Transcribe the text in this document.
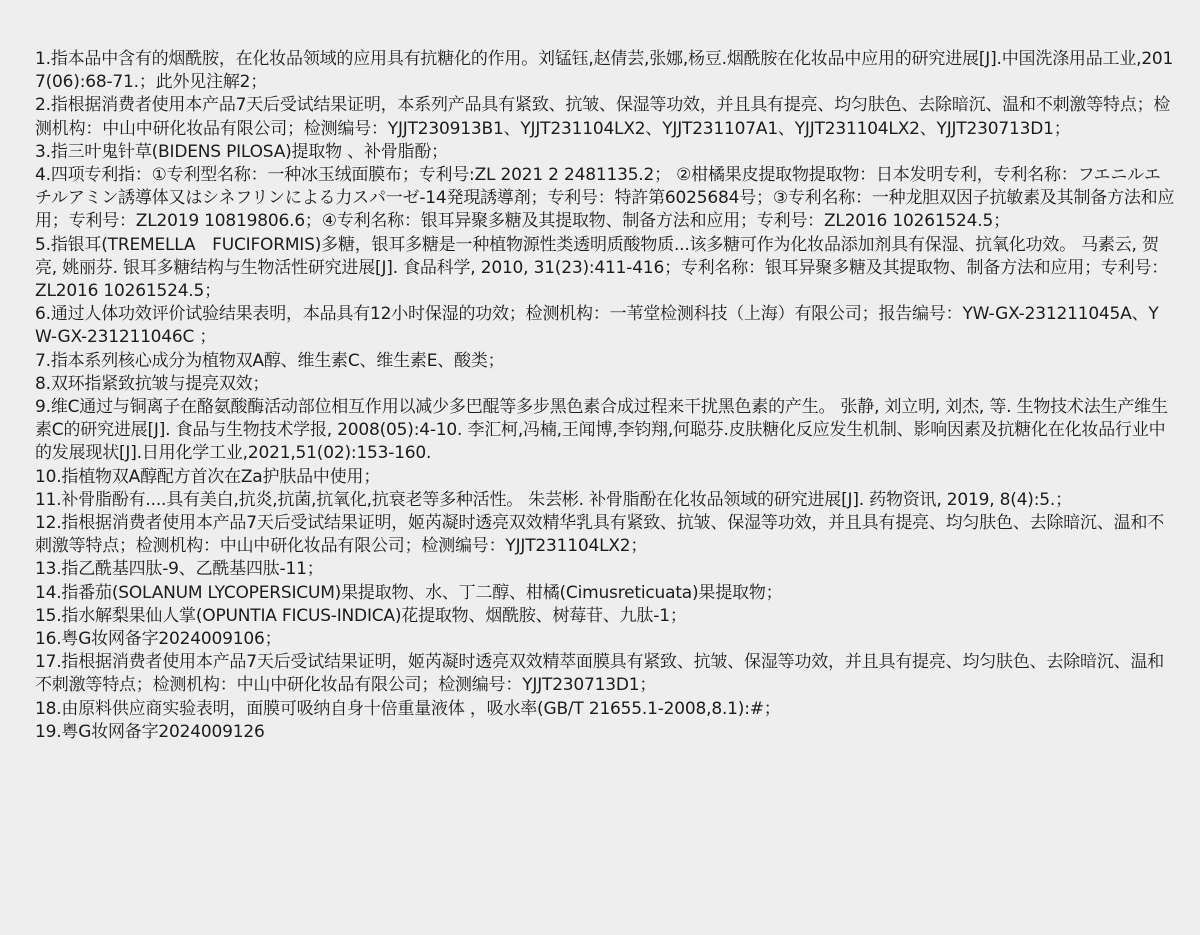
1.指本品中含有的烟酰胺，在化妆品领域的应用具有抗糖化的作用。刘锰钰,赵倩芸,张娜,杨豆.烟酰胺在化妆品中应用的研究进展[J].中国洗涤用品工业,2017(06):68-71.；此外见注解2；
2.指根据消费者使用本产品7天后受试结果证明，本系列产品具有紧致、抗皱、保湿等功效，并且具有提亮、均匀肤色、去除暗沉、温和不刺激等特点；检测机构：中山中研化妆品有限公司；检测编号：YJJT230913B1、YJJT231104LX2、YJJT231107A1、YJJT231104LX2、YJJT230713D1；
3.指三叶鬼针草(BIDENS PILOSA)提取物 、补骨脂酚；
4.四项专利指：①专利型名称：一种冰玉绒面膜布；专利号:ZL 2021 2 2481135.2； ②柑橘果皮提取物提取物：日本发明专利，专利名称：フエニルエチルアミン誘導体又はシネフリンによる力スパ一ゼ-14発現誘導剤；专利号：特許第6025684号；③专利名称：一种龙胆双因子抗敏素及其制备方法和应用；专利号：ZL2019 10819806.6；④专利名称：银耳异聚多糖及其提取物、制备方法和应用；专利号：ZL2016 10261524.5；
5.指银耳(TREMELLA　FUCIFORMIS)多糖，银耳多糖是一种植物源性类透明质酸物质...该多糖可作为化妆品添加剂具有保湿、抗氧化功效。 马素云, 贺亮, 姚丽芬. 银耳多糖结构与生物活性研究进展[J]. 食品科学, 2010, 31(23):411-416；专利名称：银耳异聚多糖及其提取物、制备方法和应用；专利号：ZL2016 10261524.5；
6.通过人体功效评价试验结果表明，本品具有12小时保湿的功效；检测机构：一苇堂检测科技（上海）有限公司；报告编号：YW-GX-231211045A、YW-GX-231211046C ；
7.指本系列核心成分为植物双A醇、维生素C、维生素E、酸类；
8.双环指紧致抗皱与提亮双效；
9.维C通过与铜离子在酪氨酸酶活动部位相互作用以减少多巴醌等多步黑色素合成过程来干扰黑色素的产生。 张静, 刘立明, 刘杰, 等. 生物技术法生产维生素C的研究进展[J]. 食品与生物技术学报, 2008(05):4-10. 李汇柯,冯楠,王闻博,李钧翔,何聪芬.皮肤糖化反应发生机制、影响因素及抗糖化在化妆品行业中的发展现状[J].日用化学工业,2021,51(02):153-160.
10.指植物双A醇配方首次在Za护肤品中使用；
11.补骨脂酚有....具有美白,抗炎,抗菌,抗氧化,抗衰老等多种活性。 朱芸彬. 补骨脂酚在化妆品领域的研究进展[J]. 药物资讯, 2019, 8(4):5.；
12.指根据消费者使用本产品7天后受试结果证明，姬芮凝时透亮双效精华乳具有紧致、抗皱、保湿等功效，并且具有提亮、均匀肤色、去除暗沉、温和不刺激等特点；检测机构：中山中研化妆品有限公司；检测编号：YJJT231104LX2；
13.指乙酰基四肽-9、乙酰基四肽-11；
14.指番茄(SOLANUM LYCOPERSICUM)果提取物、水、丁二醇、柑橘(Cimusreticuata)果提取物；
15.指水解梨果仙人掌(OPUNTIA FICUS-INDICA)花提取物、烟酰胺、树莓苷、九肽-1；
16.粤G妆网备字2024009106；
17.指根据消费者使用本产品7天后受试结果证明，姬芮凝时透亮双效精萃面膜具有紧致、抗皱、保湿等功效，并且具有提亮、均匀肤色、去除暗沉、温和不刺激等特点；检测机构：中山中研化妆品有限公司；检测编号：YJJT230713D1；
18.由原料供应商实验表明，面膜可吸纳自身十倍重量液体 ，吸水率(GB/T 21655.1-2008,8.1):#；
19.粤G妆网备字2024009126
